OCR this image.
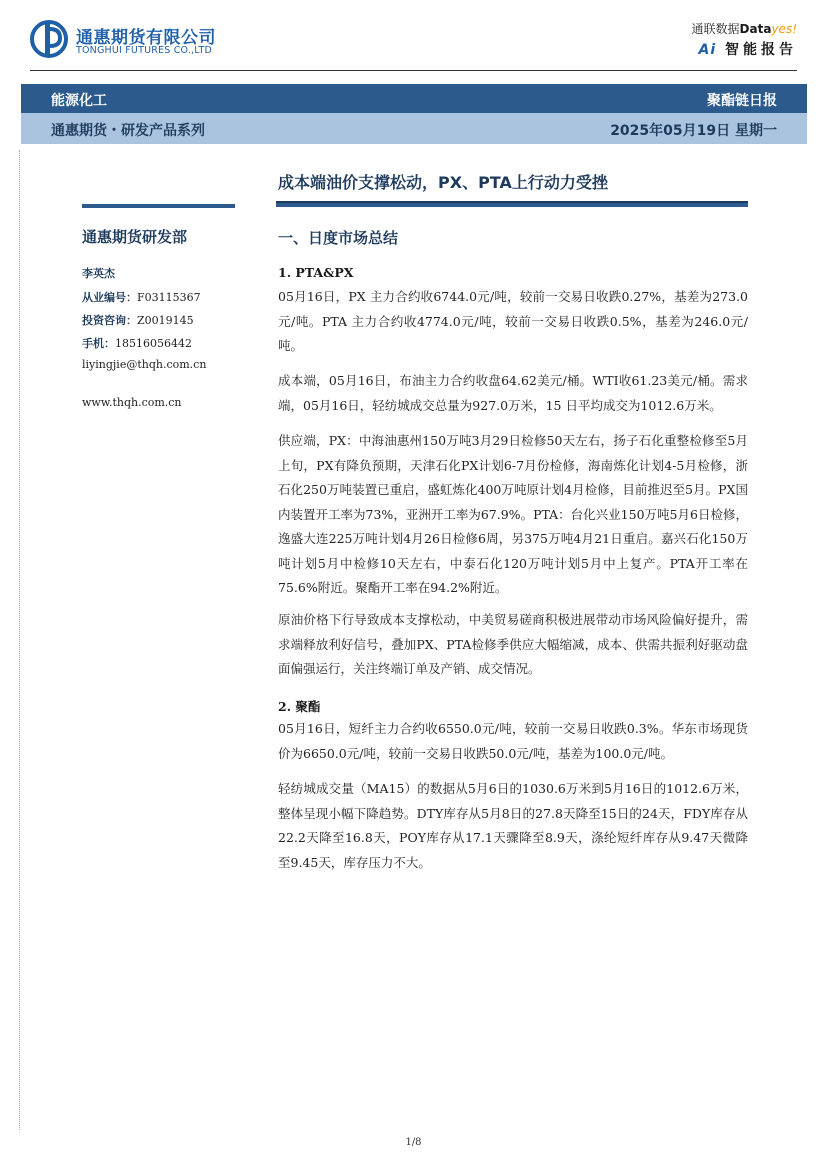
通惠期货有限公司
TONGHUI FUTURES CO.,LTD
通联数据Datayes!
Ai 智能报告
能源化工	聚酯链日报
通惠期货・研发产品系列	2025年05月19日 星期一
成本端油价支撑松动，PX、PTA上行动力受挫
通惠期货研发部
李英杰
从业编号：F03115367
投资咨询：Z0019145
手机：18516056442
liyingjie@thqh.com.cn
www.thqh.com.cn
一、日度市场总结
1. PTA&PX
05月16日，PX 主力合约收6744.0元/吨，较前一交易日收跌0.27%，基差为273.0元/吨。PTA 主力合约收4774.0元/吨，较前一交易日收跌0.5%，基差为246.0元/吨。
成本端，05月16日，布油主力合约收盘64.62美元/桶。WTI收61.23美元/桶。需求端，05月16日，轻纺城成交总量为927.0万米，15 日平均成交为1012.6万米。
供应端，PX：中海油惠州150万吨3月29日检修50天左右，扬子石化重整检修至5月上旬，PX有降负预期，天津石化PX计划6-7月份检修，海南炼化计划4-5月检修，浙石化250万吨装置已重启，盛虹炼化400万吨原计划4月检修，目前推迟至5月。PX国内装置开工率为73%，亚洲开工率为67.9%。PTA：台化兴业150万吨5月6日检修，逸盛大连225万吨计划4月26日检修6周，另375万吨4月21日重启。嘉兴石化150万吨计划5月中检修10天左右，中泰石化120万吨计划5月中上复产。PTA开工率在75.6%附近。聚酯开工率在94.2%附近。
原油价格下行导致成本支撑松动，中美贸易磋商积极进展带动市场风险偏好提升，需求端释放利好信号，叠加PX、PTA检修季供应大幅缩减，成本、供需共振利好驱动盘面偏强运行，关注终端订单及产销、成交情况。
2. 聚酯
05月16日，短纤主力合约收6550.0元/吨，较前一交易日收跌0.3%。华东市场现货价为6650.0元/吨，较前一交易日收跌50.0元/吨，基差为100.0元/吨。
轻纺城成交量（MA15）的数据从5月6日的1030.6万米到5月16日的1012.6万米，整体呈现小幅下降趋势。DTY库存从5月8日的27.8天降至15日的24天，FDY库存从22.2天降至16.8天，POY库存从17.1天骤降至8.9天，涤纶短纤库存从9.47天微降至9.45天，库存压力不大。
1/8
